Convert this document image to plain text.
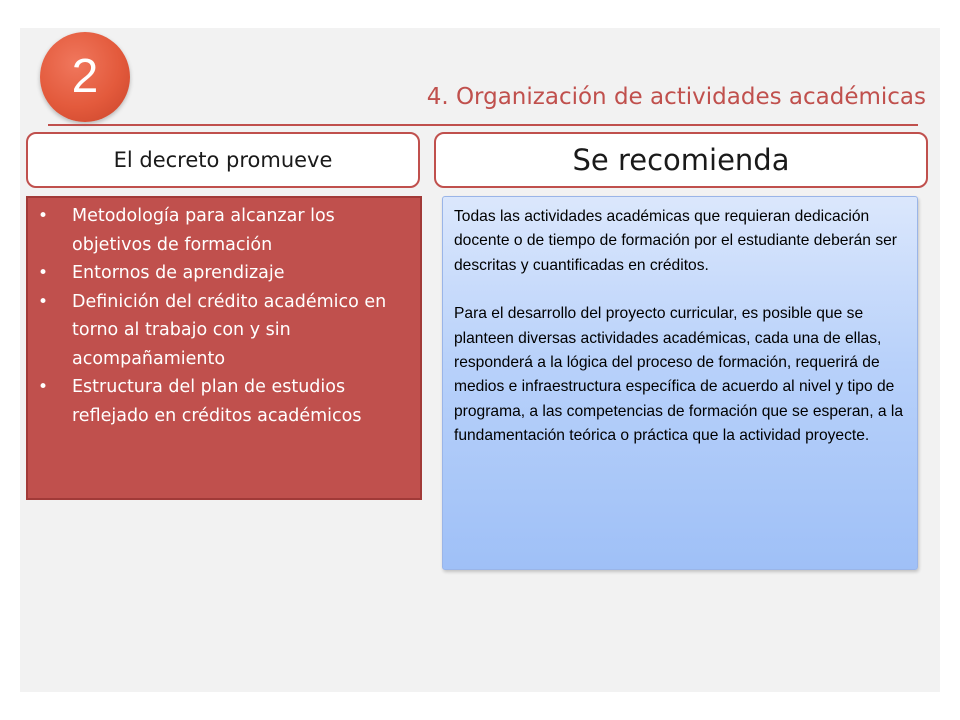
2	4. Organización de actividades académicas
El decreto promueve	Se recomienda
• Metodología para alcanzar los objetivos de formación
• Entornos de aprendizaje
• Definición del crédito académico en torno al trabajo con y sin acompañamiento
• Estructura del plan de estudios reflejado en créditos académicos

Todas las actividades académicas que requieran dedicación docente o de tiempo de formación por el estudiante deberán ser descritas y cuantificadas en créditos.

Para el desarrollo del proyecto curricular, es posible que se planteen diversas actividades académicas, cada una de ellas, responderá a la lógica del proceso de formación, requerirá de medios e infraestructura específica de acuerdo al nivel y tipo de programa, a las competencias de formación que se esperan, a la fundamentación teórica o práctica que la actividad proyecte.
